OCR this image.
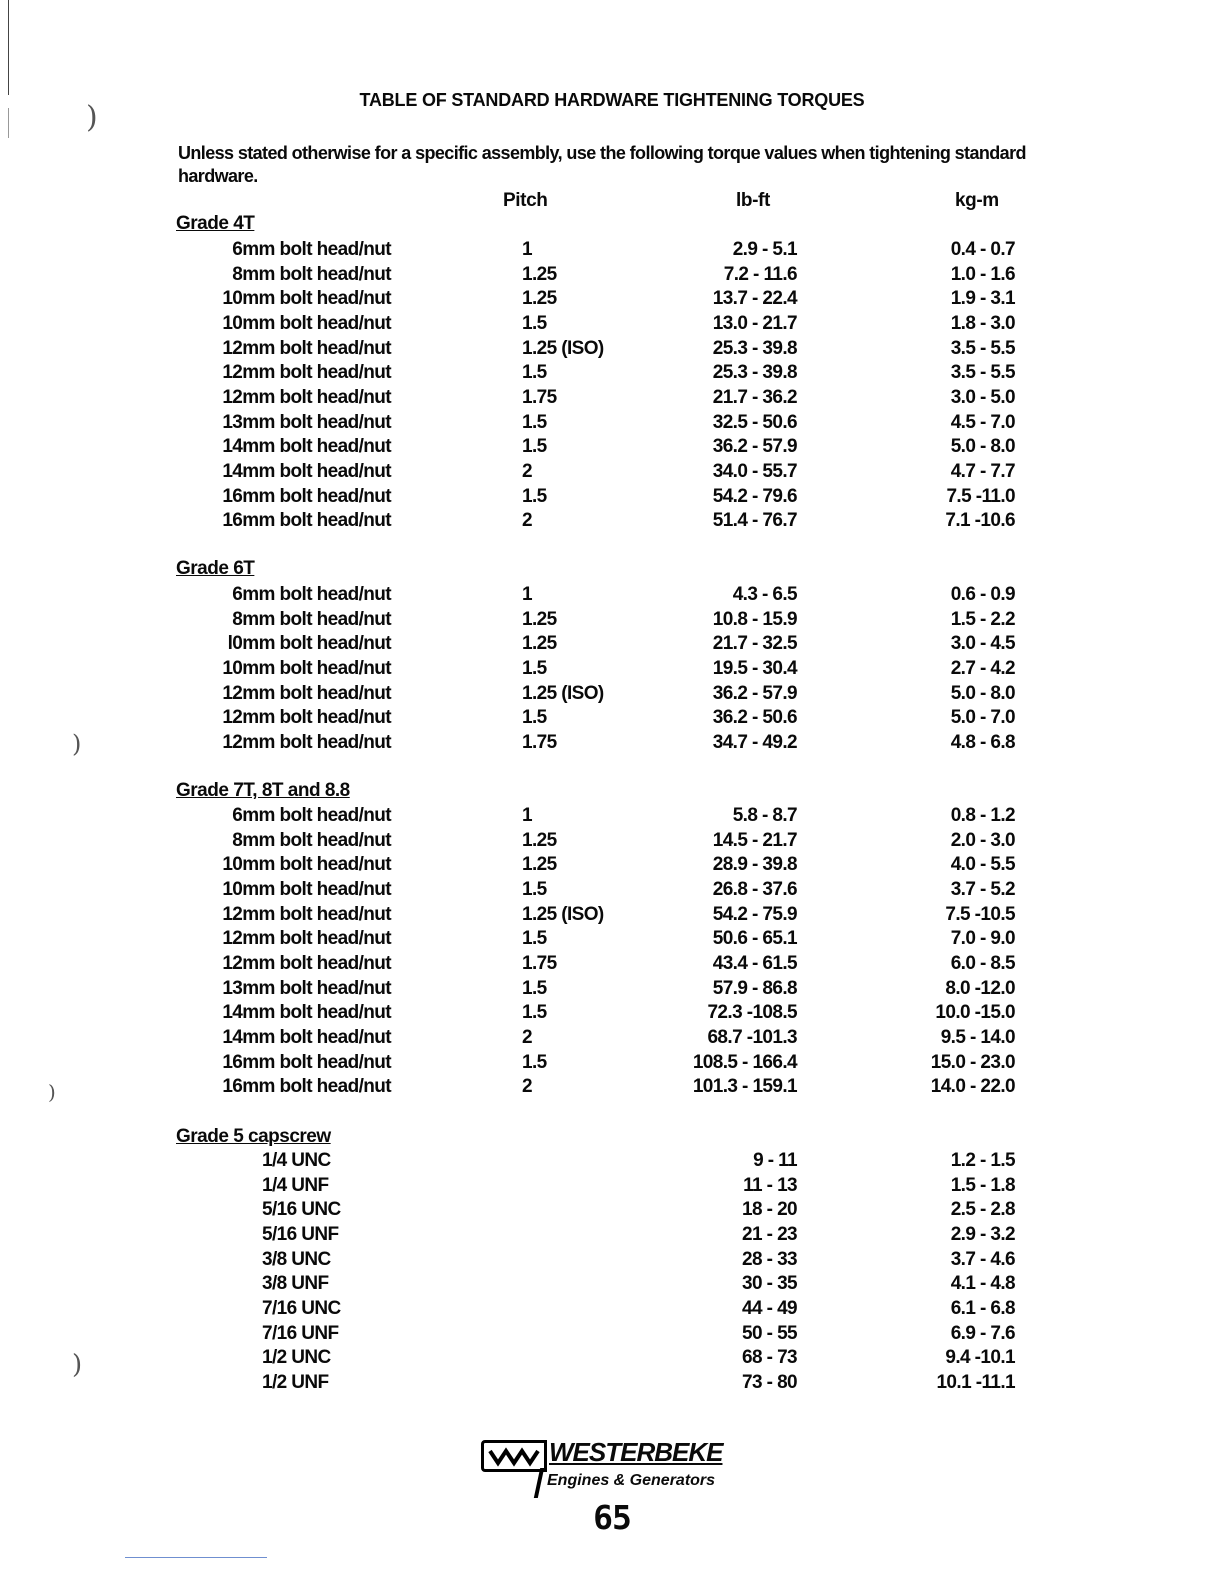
)
)
)
)
TABLE OF STANDARD HARDWARE TIGHTENING TORQUES
Unless stated otherwise for a specific assembly, use the following torque values when tightening standard hardware.
Pitch	lb-ft	kg-m
Grade 4T
6mm bolt head/nut	1	2.9 - 5.1	0.4 - 0.7
8mm bolt head/nut	1.25	7.2 - 11.6	1.0 - 1.6
10mm bolt head/nut	1.25	13.7 - 22.4	1.9 - 3.1
10mm bolt head/nut	1.5	13.0 - 21.7	1.8 - 3.0
12mm bolt head/nut	1.25 (ISO)	25.3 - 39.8	3.5 - 5.5
12mm bolt head/nut	1.5	25.3 - 39.8	3.5 - 5.5
12mm bolt head/nut	1.75	21.7 - 36.2	3.0 - 5.0
13mm bolt head/nut	1.5	32.5 - 50.6	4.5 - 7.0
14mm bolt head/nut	1.5	36.2 - 57.9	5.0 - 8.0
14mm bolt head/nut	2	34.0 - 55.7	4.7 - 7.7
16mm bolt head/nut	1.5	54.2 - 79.6	7.5 -11.0
16mm bolt head/nut	2	51.4 - 76.7	7.1 -10.6
Grade 6T
6mm bolt head/nut	1	4.3 - 6.5	0.6 - 0.9
8mm bolt head/nut	1.25	10.8 - 15.9	1.5 - 2.2
l0mm bolt head/nut	1.25	21.7 - 32.5	3.0 - 4.5
10mm bolt head/nut	1.5	19.5 - 30.4	2.7 - 4.2
12mm bolt head/nut	1.25 (ISO)	36.2 - 57.9	5.0 - 8.0
12mm bolt head/nut	1.5	36.2 - 50.6	5.0 - 7.0
12mm bolt head/nut	1.75	34.7 - 49.2	4.8 - 6.8
Grade 7T, 8T and 8.8
6mm bolt head/nut	1	5.8 - 8.7	0.8 - 1.2
8mm bolt head/nut	1.25	14.5 - 21.7	2.0 - 3.0
10mm bolt head/nut	1.25	28.9 - 39.8	4.0 - 5.5
10mm bolt head/nut	1.5	26.8 - 37.6	3.7 - 5.2
12mm bolt head/nut	1.25 (ISO)	54.2 - 75.9	7.5 -10.5
12mm bolt head/nut	1.5	50.6 - 65.1	7.0 - 9.0
12mm bolt head/nut	1.75	43.4 - 61.5	6.0 - 8.5
13mm bolt head/nut	1.5	57.9 - 86.8	8.0 -12.0
14mm bolt head/nut	1.5	72.3 -108.5	10.0 -15.0
14mm bolt head/nut	2	68.7 -101.3	9.5 - 14.0
16mm bolt head/nut	1.5	108.5 - 166.4	15.0 - 23.0
16mm bolt head/nut	2	101.3 - 159.1	14.0 - 22.0
Grade 5 capscrew
1/4 UNC	9 - 11	1.2 - 1.5
1/4 UNF	11 - 13	1.5 - 1.8
5/16 UNC	18 - 20	2.5 - 2.8
5/16 UNF	21 - 23	2.9 - 3.2
3/8 UNC	28 - 33	3.7 - 4.6
3/8 UNF	30 - 35	4.1 - 4.8
7/16 UNC	44 - 49	6.1 - 6.8
7/16 UNF	50 - 55	6.9 - 7.6
1/2 UNC	68 - 73	9.4 -10.1
1/2 UNF	73 - 80	10.1 -11.1
WESTERBEKE
Engines & Generators
65
